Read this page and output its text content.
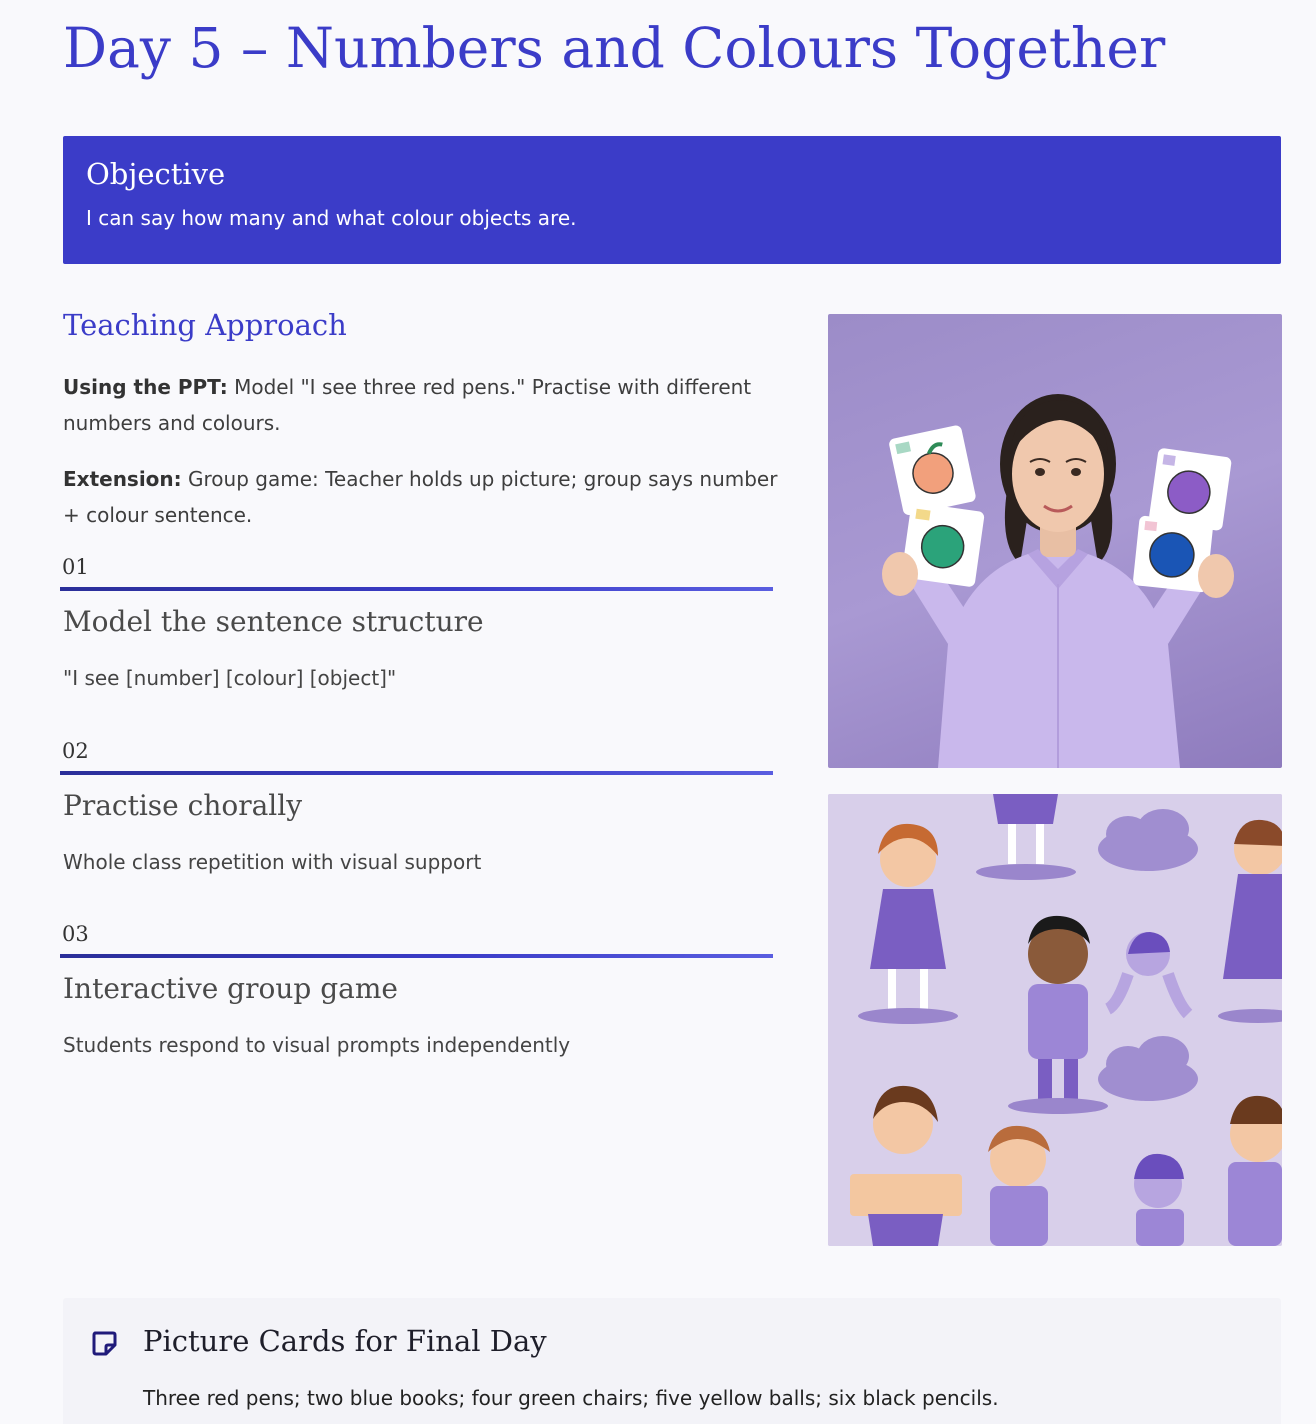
Day 5 – Numbers and Colours Together
Objective

I can say how many and what colour objects are.

Teaching Approach

Using the PPT: Model "I see three red pens." Practise with different numbers and colours.

Extension: Group game: Teacher holds up picture; group says number + colour sentence.

01
Model the sentence structure
"I see [number] [colour] [object]"
02
Practise chorally
Whole class repetition with visual support
03
Interactive group game
Students respond to visual prompts independently
Picture Cards for Final Day

Three red pens; two blue books; four green chairs; five yellow balls; six black pencils.
